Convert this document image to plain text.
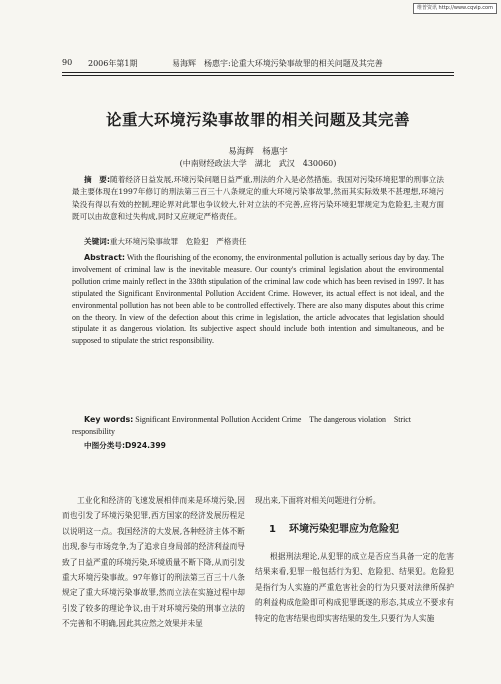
维普资讯 http://www.cqvip.com
90 2006年第1期	易海辉　杨惠宇:论重大环境污染事故罪的相关问题及其完善
论重大环境污染事故罪的相关问题及其完善
易海辉　杨惠宇
(中南财经政法大学　湖北　武汉　430060)
摘　要:随着经济日益发展,环境污染问题日益严重,刑法的介入是必然措施。我国对污染环境犯罪的刑事立法最主要体现在1997年修订的刑法第三百三十八条规定的重大环境污染事故罪,然而其实际效果不甚理想,环境污染没有得以有效的控制,理论界对此罪也争议较大,针对立法的不完善,应将污染环境犯罪规定为危险犯,主观方面既可以由故意和过失构成,同时又应规定严格责任。
关键词:重大环境污染事故罪　危险犯　严格责任
Abstract: With the flourishing of the economy, the environmental pollution is actually serious day by day. The involvement of criminal law is the inevitable measure. Our county's criminal legislation about the environmental pollution crime mainly reflect in the 338th stipulation of the criminal law code which has been revised in 1997. It has stipulated the Significant Environmental Pollution Accident Crime. However, its actual effect is not ideal, and the environmental pollution has not been able to be controlled effectively. There are also many disputes about this crime on the theory. In view of the defection about this crime in legislation, the article advocates that legislation should stipulate it as dangerous violation. Its subjective aspect should include both intention and simultaneous, and be supposed to stipulate the strict responsibility.
Key words: Significant Environmental Pollution Accident Crime　The dangerous violation　Strict responsibility
中图分类号:D924.399
工业化和经济的飞速发展相伴而来是环境污染,因而也引发了环境污染犯罪,西方国家的经济发展历程足以说明这一点。我国经济的大发展,各种经济主体不断出现,参与市场竞争,为了追求自身局部的经济利益而导致了日益严重的环境污染,环境质量不断下降,从而引发重大环境污染事故。97年修订的刑法第三百三十八条规定了重大环境污染事故罪,然而立法在实施过程中却引发了较多的理论争议,由于对环境污染的刑事立法的不完善和不明确,因此其应然之效果并未显
现出来,下面将对相关问题进行分析。
1 环境污染犯罪应为危险犯
根据刑法理论,从犯罪的成立是否应当具备一定的危害结果来看,犯罪一般包括行为犯、危险犯、结果犯。危险犯是指行为人实施的严重危害社会的行为只要对法律所保护的利益构成危险即可构成犯罪既遂的形态,其成立不要求有特定的危害结果也即实害结果的发生,只要行为人实施
